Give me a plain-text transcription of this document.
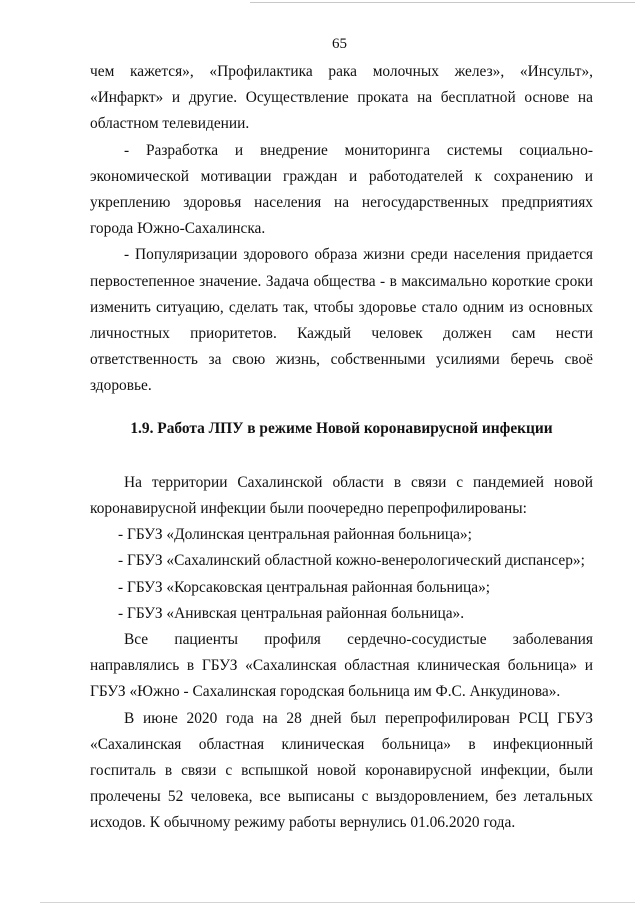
65

чем кажется», «Профилактика рака молочных желез», «Инсульт», «Инфаркт» и другие. Осуществление проката на бесплатной основе на областном телевидении.

- Разработка и внедрение мониторинга системы социально-экономической мотивации граждан и работодателей к сохранению и укреплению здоровья населения на негосударственных предприятиях города Южно-Сахалинска.

- Популяризации здорового образа жизни среди населения придается первостепенное значение. Задача общества - в максимально короткие сроки изменить ситуацию, сделать так, чтобы здоровье стало одним из основных личностных приоритетов. Каждый человек должен сам нести ответственность за свою жизнь, собственными усилиями беречь своё здоровье.

1.9. Работа ЛПУ в режиме Новой коронавирусной инфекции

На территории Сахалинской области в связи с пандемией новой коронавирусной инфекции были поочередно перепрофилированы:

- ГБУЗ «Долинская центральная районная больница»;

- ГБУЗ «Сахалинский областной кожно-венерологический диспансер»;

- ГБУЗ «Корсаковская центральная районная больница»;

- ГБУЗ «Анивская центральная районная больница».

Все пациенты профиля сердечно-сосудистые заболевания направлялись в ГБУЗ «Сахалинская областная клиническая больница» и ГБУЗ «Южно - Сахалинская городская больница им Ф.С. Анкудинова».

В июне 2020 года на 28 дней был перепрофилирован РСЦ ГБУЗ «Сахалинская областная клиническая больница» в инфекционный госпиталь в связи с вспышкой новой коронавирусной инфекции, были пролечены 52 человека, все выписаны с выздоровлением, без летальных исходов. К обычному режиму работы вернулись 01.06.2020 года.
